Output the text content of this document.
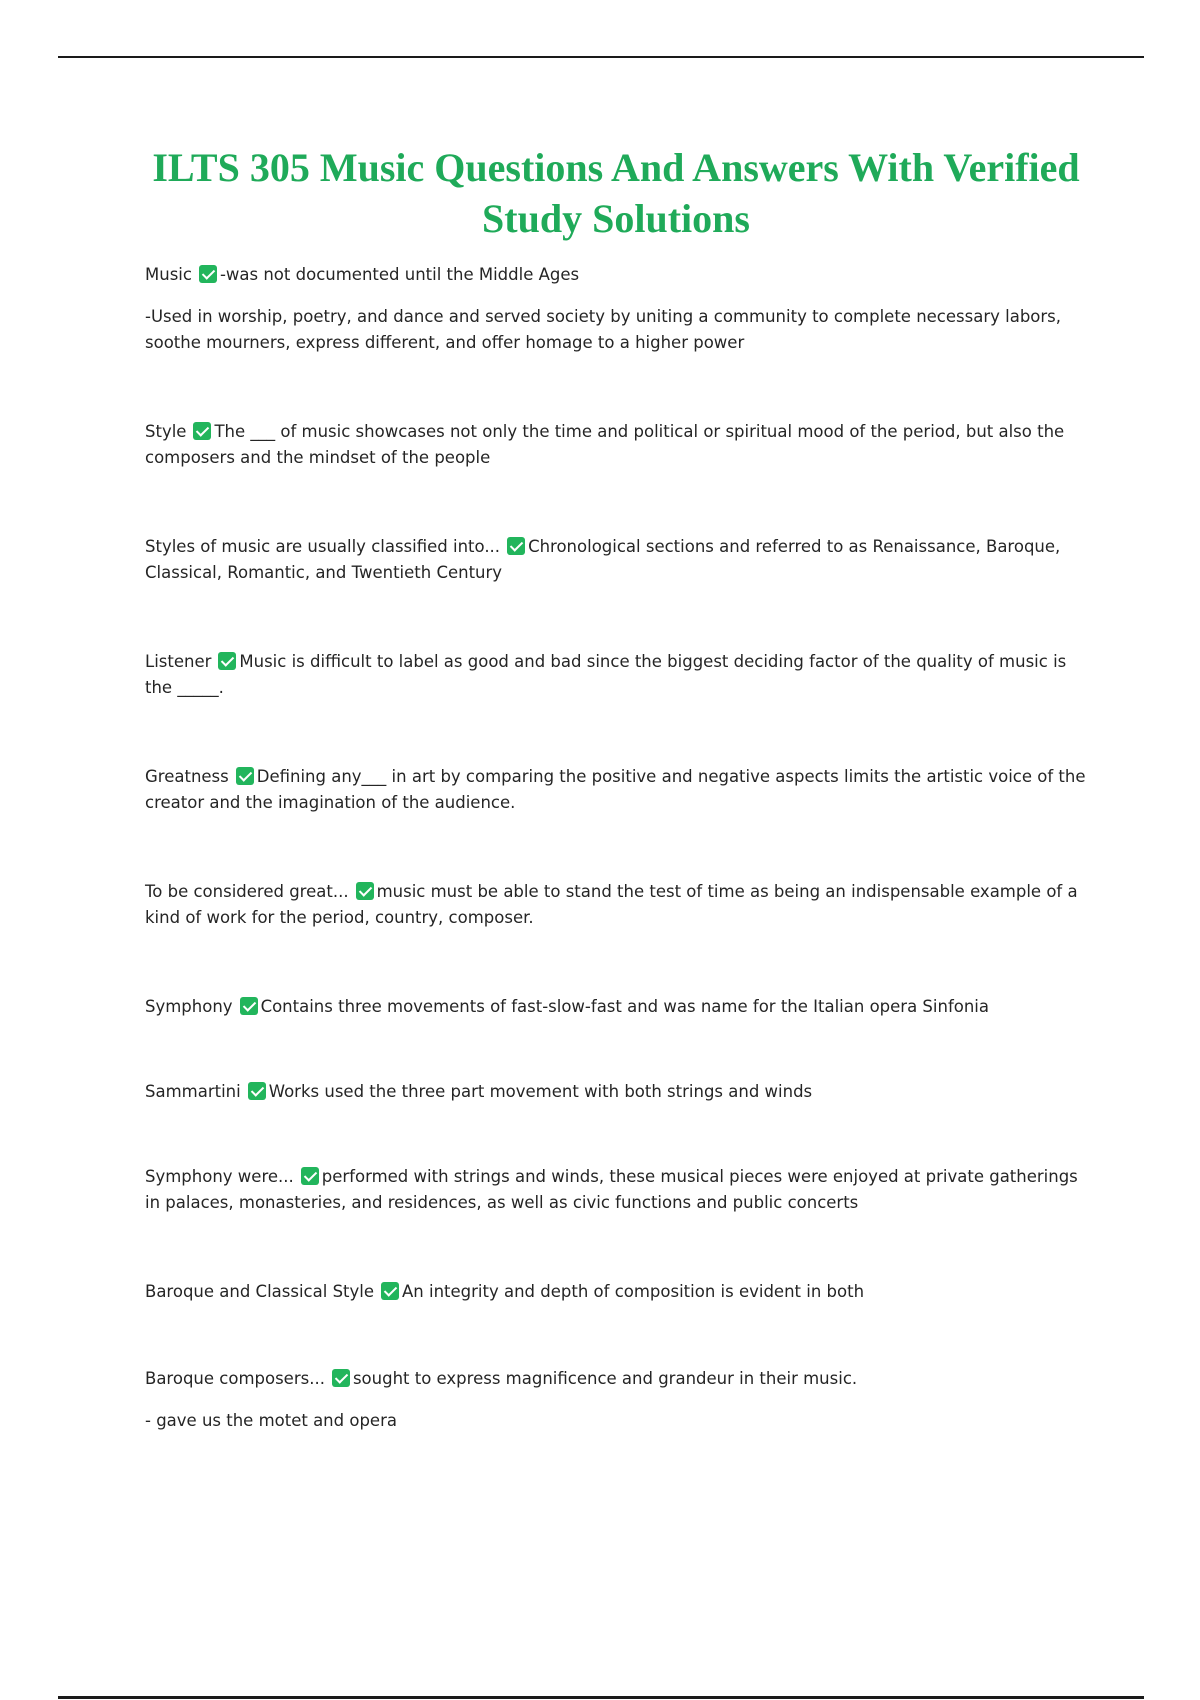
ILTS 305 Music Questions And Answers With Verified Study Solutions

Music -was not documented until the Middle Ages

-Used in worship, poetry, and dance and served society by uniting a community to complete necessary labors, soothe mourners, express different, and offer homage to a higher power

Style The ___ of music showcases not only the time and political or spiritual mood of the period, but also the composers and the mindset of the people

Styles of music are usually classified into... Chronological sections and referred to as Renaissance, Baroque, Classical, Romantic, and Twentieth Century

Listener Music is difficult to label as good and bad since the biggest deciding factor of the quality of music is the _____.

Greatness Defining any___ in art by comparing the positive and negative aspects limits the artistic voice of the creator and the imagination of the audience.

To be considered great... music must be able to stand the test of time as being an indispensable example of a kind of work for the period, country, composer.

Symphony Contains three movements of fast-slow-fast and was name for the Italian opera Sinfonia

Sammartini Works used the three part movement with both strings and winds

Symphony were... performed with strings and winds, these musical pieces were enjoyed at private gatherings in palaces, monasteries, and residences, as well as civic functions and public concerts

Baroque and Classical Style An integrity and depth of composition is evident in both

Baroque composers... sought to express magnificence and grandeur in their music.

- gave us the motet and opera
